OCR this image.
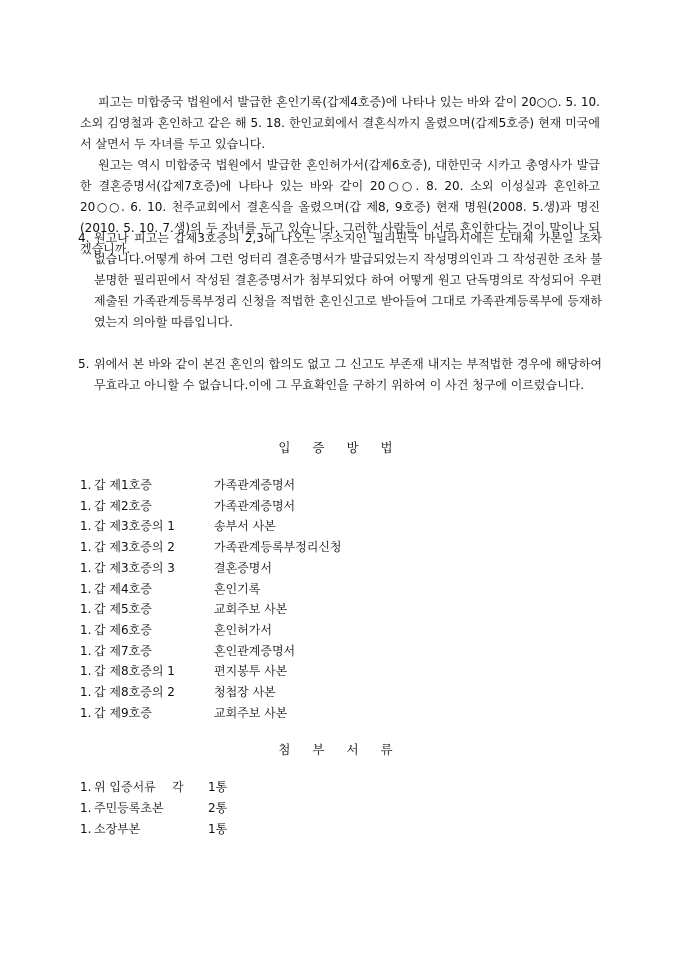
피고는 미합중국 법원에서 발급한 혼인기록(갑제4호증)에 나타나 있는 바와 같이 20○○. 5. 10. 소외 김영철과 혼인하고 같은 해 5. 18. 한인교회에서 결혼식까지 올렸으며(갑제5호증) 현재 미국에서 살면서 두 자녀를 두고 있습니다.

원고는 역시 미합중국 법원에서 발급한 혼인허가서(갑제6호증), 대한민국 시카고 총영사가 발급한 결혼증명서(갑제7호증)에 나타나 있는 바와 같이 20○○. 8. 20. 소외 이성실과 혼인하고 20○○. 6. 10. 천주교회에서 결혼식을 올렸으며(갑 제8, 9호증) 현재 명원(2008. 5.생)과 명진(2010. 5. 10. 7.생)의 두 자녀를 두고 있습니다. 그러한 사람들이 서로 혼인한다는 것이 말이나 되겠습니까.

4. 원고나 피고는 갑제3호증의 2,3에 나오는 주소지인 필리핀국 마닐라시에는 도대체 가본일 조차 없습니다.어떻게 하여 그런 엉터리 결혼증명서가 발급되었는지 작성명의인과 그 작성권한 조차 불분명한 필리핀에서 작성된 결혼증명서가 첨부되었다 하여 어떻게 원고 단독명의로 작성되어 우편제출된 가족관계등록부정리 신청을 적법한 혼인신고로 받아들여 그대로 가족관계등록부에 등재하였는지 의아할 따름입니다.
5. 위에서 본 바와 같이 본건 혼인의 합의도 없고 그 신고도 부존재 내지는 부적법한 경우에 해당하여 무효라고 아니할 수 없습니다.이에 그 무효확인을 구하기 위하여 이 사건 청구에 이르렀습니다.
입 증 방 법
1. 갑 제1호증	가족관계증명서
1. 갑 제2호증	가족관계증명서
1. 갑 제3호증의 1	송부서 사본
1. 갑 제3호증의 2	가족관계등록부정리신청
1. 갑 제3호증의 3	결혼증명서
1. 갑 제4호증	혼인기록
1. 갑 제5호증	교회주보 사본
1. 갑 제6호증	혼인허가서
1. 갑 제7호증	혼인관계증명서
1. 갑 제8호증의 1	편지봉투 사본
1. 갑 제8호증의 2	청첩장 사본
1. 갑 제9호증	교회주보 사본
첨 부 서 류
1. 위 입증서류 각 1통
1. 주민등록초본	2통
1. 소장부본	1통
